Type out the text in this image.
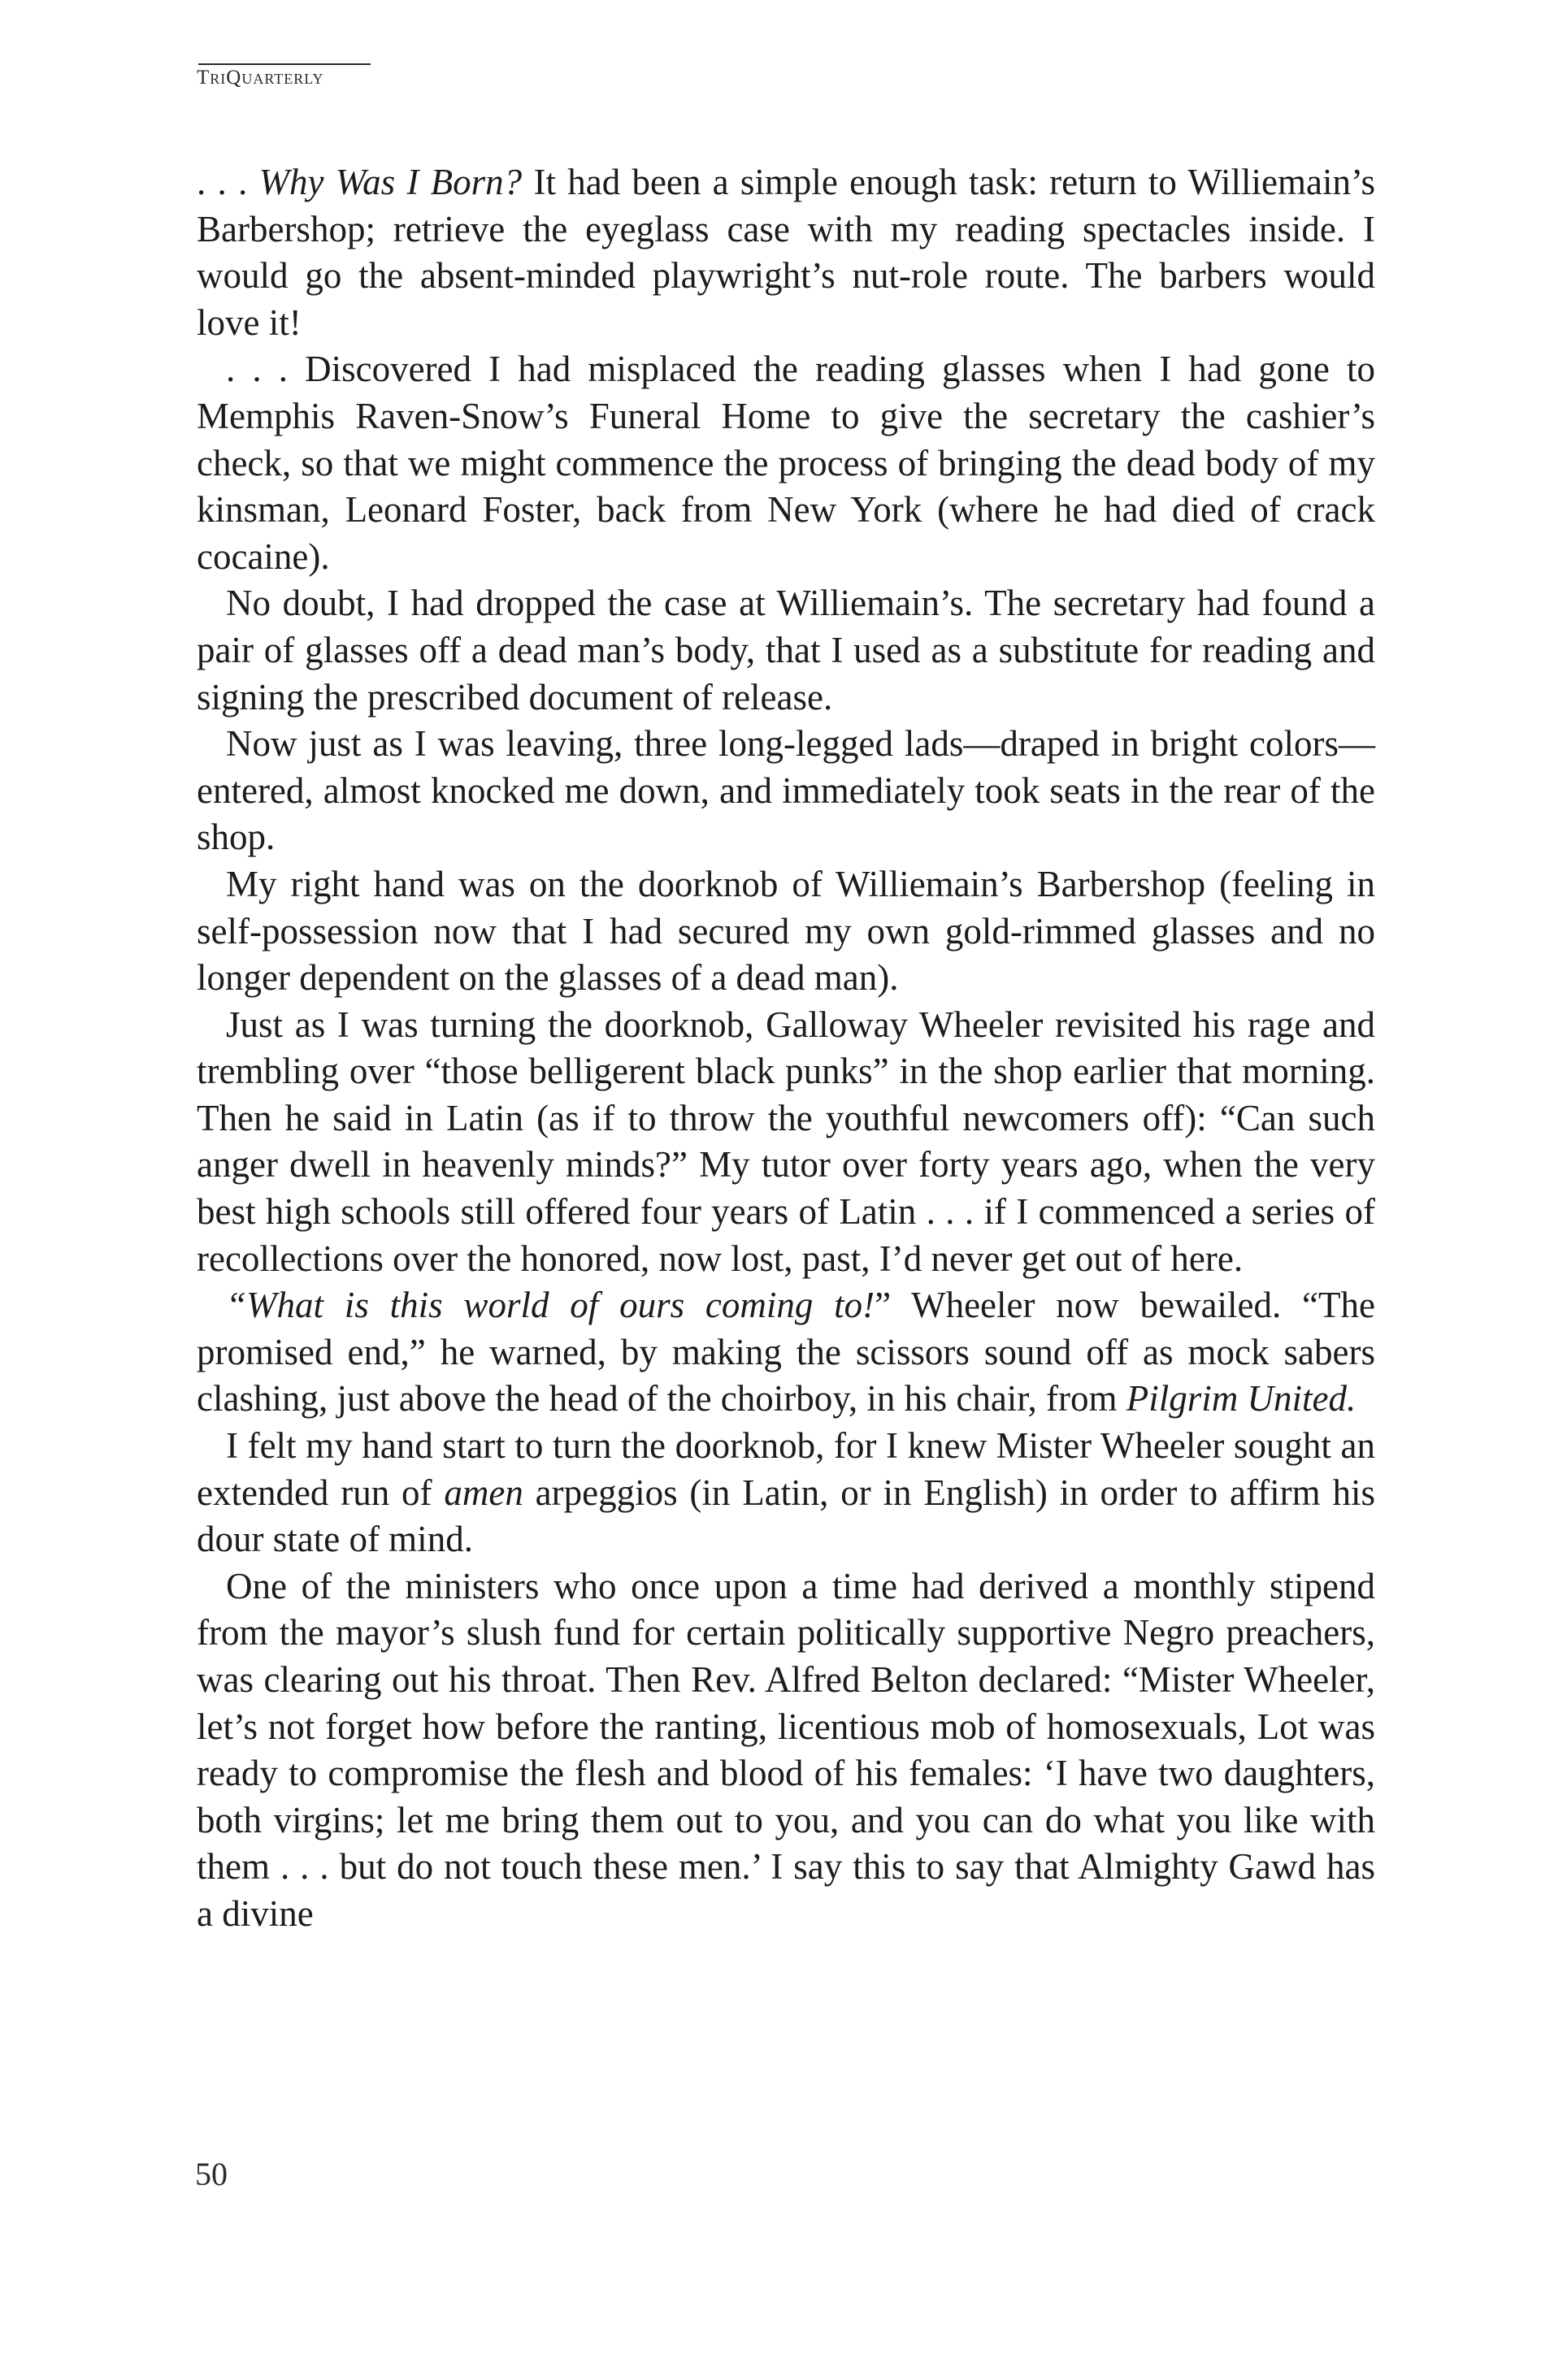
TriQuarterly

. . . Why Was I Born? It had been a simple enough task: return to Williemain’s Barbershop; retrieve the eyeglass case with my reading spectacles inside. I would go the absent-minded playwright’s nut-role route. The barbers would love it!

. . . Discovered I had misplaced the reading glasses when I had gone to Memphis Raven-Snow’s Funeral Home to give the secretary the cashier’s check, so that we might commence the process of bringing the dead body of my kinsman, Leonard Foster, back from New York (where he had died of crack cocaine).

No doubt, I had dropped the case at Williemain’s. The secretary had found a pair of glasses off a dead man’s body, that I used as a substitute for reading and signing the prescribed document of release.

Now just as I was leaving, three long-legged lads—draped in bright colors—entered, almost knocked me down, and immediately took seats in the rear of the shop.

My right hand was on the doorknob of Williemain’s Barbershop (feeling in self-possession now that I had secured my own gold-rimmed glasses and no longer dependent on the glasses of a dead man).

Just as I was turning the doorknob, Galloway Wheeler revisited his rage and trembling over “those belligerent black punks” in the shop earlier that morning. Then he said in Latin (as if to throw the youthful newcomers off): “Can such anger dwell in heavenly minds?” My tutor over forty years ago, when the very best high schools still offered four years of Latin . . . if I commenced a series of recollections over the honored, now lost, past, I’d never get out of here.

“What is this world of ours coming to!” Wheeler now bewailed. “The promised end,” he warned, by making the scissors sound off as mock sabers clashing, just above the head of the choirboy, in his chair, from Pilgrim United.

I felt my hand start to turn the doorknob, for I knew Mister Wheeler sought an extended run of amen arpeggios (in Latin, or in English) in order to affirm his dour state of mind.

One of the ministers who once upon a time had derived a monthly stipend from the mayor’s slush fund for certain politically supportive Negro preachers, was clearing out his throat. Then Rev. Alfred Belton declared: “Mister Wheeler, let’s not forget how before the ranting, licentious mob of homosexuals, Lot was ready to compromise the flesh and blood of his females: ‘I have two daughters, both virgins; let me bring them out to you, and you can do what you like with them . . . but do not touch these men.’ I say this to say that Almighty Gawd has a divine

50
